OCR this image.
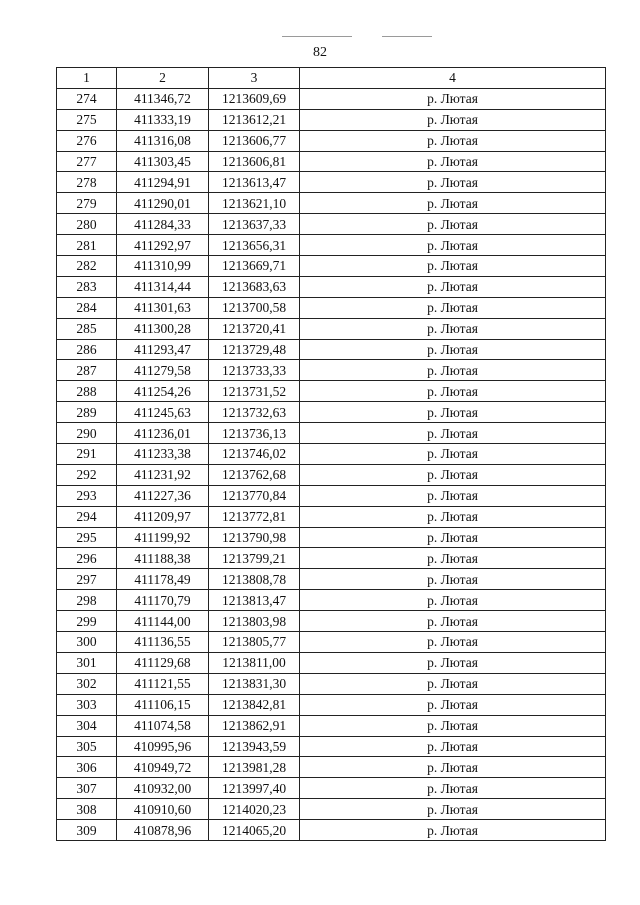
82
1	2	3	4
274	411346,72	1213609,69	р. Лютая
275	411333,19	1213612,21	р. Лютая
276	411316,08	1213606,77	р. Лютая
277	411303,45	1213606,81	р. Лютая
278	411294,91	1213613,47	р. Лютая
279	411290,01	1213621,10	р. Лютая
280	411284,33	1213637,33	р. Лютая
281	411292,97	1213656,31	р. Лютая
282	411310,99	1213669,71	р. Лютая
283	411314,44	1213683,63	р. Лютая
284	411301,63	1213700,58	р. Лютая
285	411300,28	1213720,41	р. Лютая
286	411293,47	1213729,48	р. Лютая
287	411279,58	1213733,33	р. Лютая
288	411254,26	1213731,52	р. Лютая
289	411245,63	1213732,63	р. Лютая
290	411236,01	1213736,13	р. Лютая
291	411233,38	1213746,02	р. Лютая
292	411231,92	1213762,68	р. Лютая
293	411227,36	1213770,84	р. Лютая
294	411209,97	1213772,81	р. Лютая
295	411199,92	1213790,98	р. Лютая
296	411188,38	1213799,21	р. Лютая
297	411178,49	1213808,78	р. Лютая
298	411170,79	1213813,47	р. Лютая
299	411144,00	1213803,98	р. Лютая
300	411136,55	1213805,77	р. Лютая
301	411129,68	1213811,00	р. Лютая
302	411121,55	1213831,30	р. Лютая
303	411106,15	1213842,81	р. Лютая
304	411074,58	1213862,91	р. Лютая
305	410995,96	1213943,59	р. Лютая
306	410949,72	1213981,28	р. Лютая
307	410932,00	1213997,40	р. Лютая
308	410910,60	1214020,23	р. Лютая
309	410878,96	1214065,20	р. Лютая
